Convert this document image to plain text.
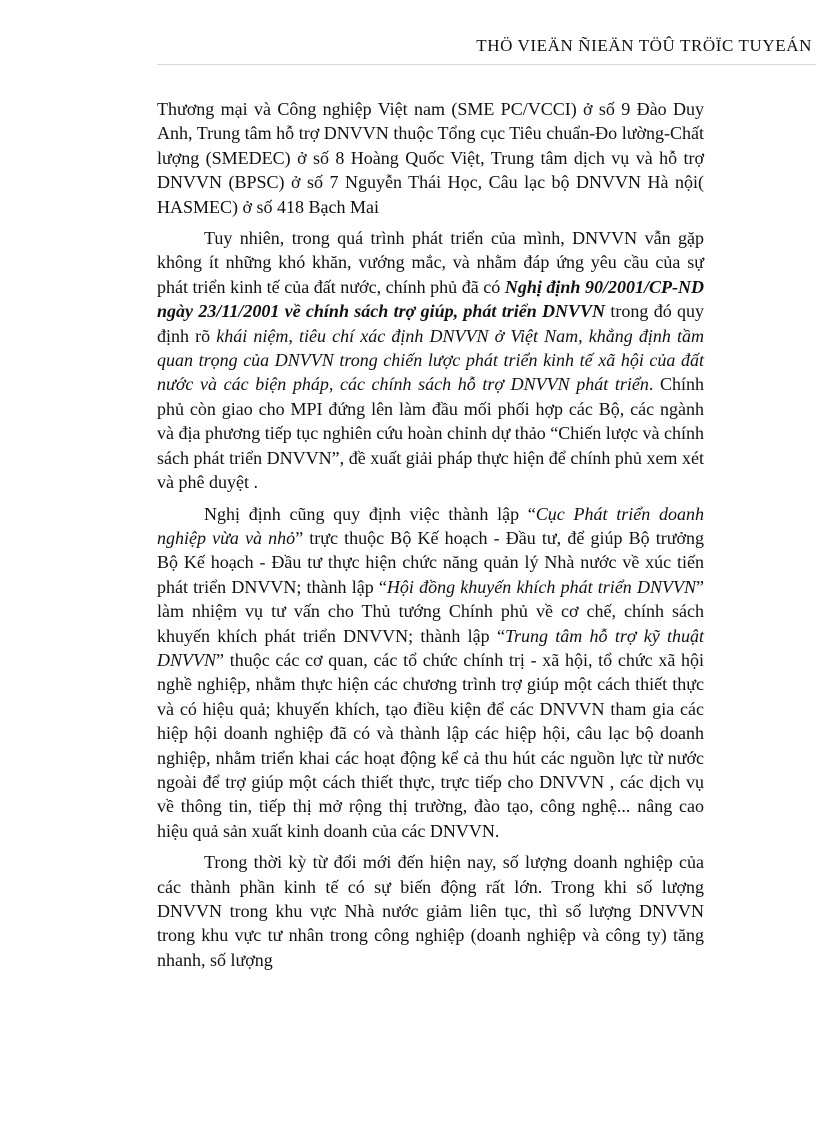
THÖ VIEÄN ÑIEÄN TÖÛ TRÖÏC TUYEÁN

Thương mại và Công nghiệp Việt nam (SME PC/VCCI) ở số 9 Đào Duy Anh, Trung tâm hỗ trợ DNVVN thuộc Tổng cục Tiêu chuẩn-Đo lường-Chất lượng (SMEDEC) ở số 8 Hoàng Quốc Việt, Trung tâm dịch vụ và hỗ trợ DNVVN (BPSC) ở số 7 Nguyễn Thái Học, Câu lạc bộ DNVVN Hà nội( HASMEC) ở số 418 Bạch Mai

Tuy nhiên, trong quá trình phát triển của mình, DNVVN vẫn gặp không ít những khó khăn, vướng mắc, và nhằm đáp ứng yêu cầu của sự phát triển kinh tế của đất nước, chính phủ đã có Nghị định 90/2001/CP-ND ngày 23/11/2001 về chính sách trợ giúp, phát triển DNVVN trong đó quy định rõ khái niệm, tiêu chí xác định DNVVN ở Việt Nam, khẳng định tầm quan trọng của DNVVN trong chiến lược phát triển kinh tế xã hội của đất nước và các biện pháp, các chính sách hỗ trợ DNVVN phát triển. Chính phủ còn giao cho MPI đứng lên làm đầu mối phối hợp các Bộ, các ngành và địa phương tiếp tục nghiên cứu hoàn chỉnh dự thảo “Chiến lược và chính sách phát triển DNVVN”, đề xuất giải pháp thực hiện để chính phủ xem xét và phê duyệt .

Nghị định cũng quy định việc thành lập “Cục Phát triển doanh nghiệp vừa và nhỏ” trực thuộc Bộ Kế hoạch - Đầu tư, để giúp Bộ trưởng Bộ Kế hoạch - Đầu tư thực hiện chức năng quản lý Nhà nước về xúc tiến phát triển DNVVN; thành lập “Hội đồng khuyến khích phát triển DNVVN” làm nhiệm vụ tư vấn cho Thủ tướng Chính phủ về cơ chế, chính sách khuyến khích phát triển DNVVN; thành lập “Trung tâm hỗ trợ kỹ thuật DNVVN” thuộc các cơ quan, các tổ chức chính trị - xã hội, tổ chức xã hội nghề nghiệp, nhằm thực hiện các chương trình trợ giúp một cách thiết thực và có hiệu quả; khuyến khích, tạo điều kiện để các DNVVN tham gia các hiệp hội doanh nghiệp đã có và thành lập các hiệp hội, câu lạc bộ doanh nghiệp, nhằm triển khai các hoạt động kể cả thu hút các nguồn lực từ nước ngoài để trợ giúp một cách thiết thực, trực tiếp cho DNVVN , các dịch vụ về thông tin, tiếp thị mở rộng thị trường, đào tạo, công nghệ... nâng cao hiệu quả sản xuất kinh doanh của các DNVVN.

Trong thời kỳ từ đổi mới đến hiện nay, số lượng doanh nghiệp của các thành phần kinh tế có sự biến động rất lớn. Trong khi số lượng DNVVN trong khu vực Nhà nước giảm liên tục, thì số lượng DNVVN trong khu vực tư nhân trong công nghiệp (doanh nghiệp và công ty) tăng nhanh, số lượng
